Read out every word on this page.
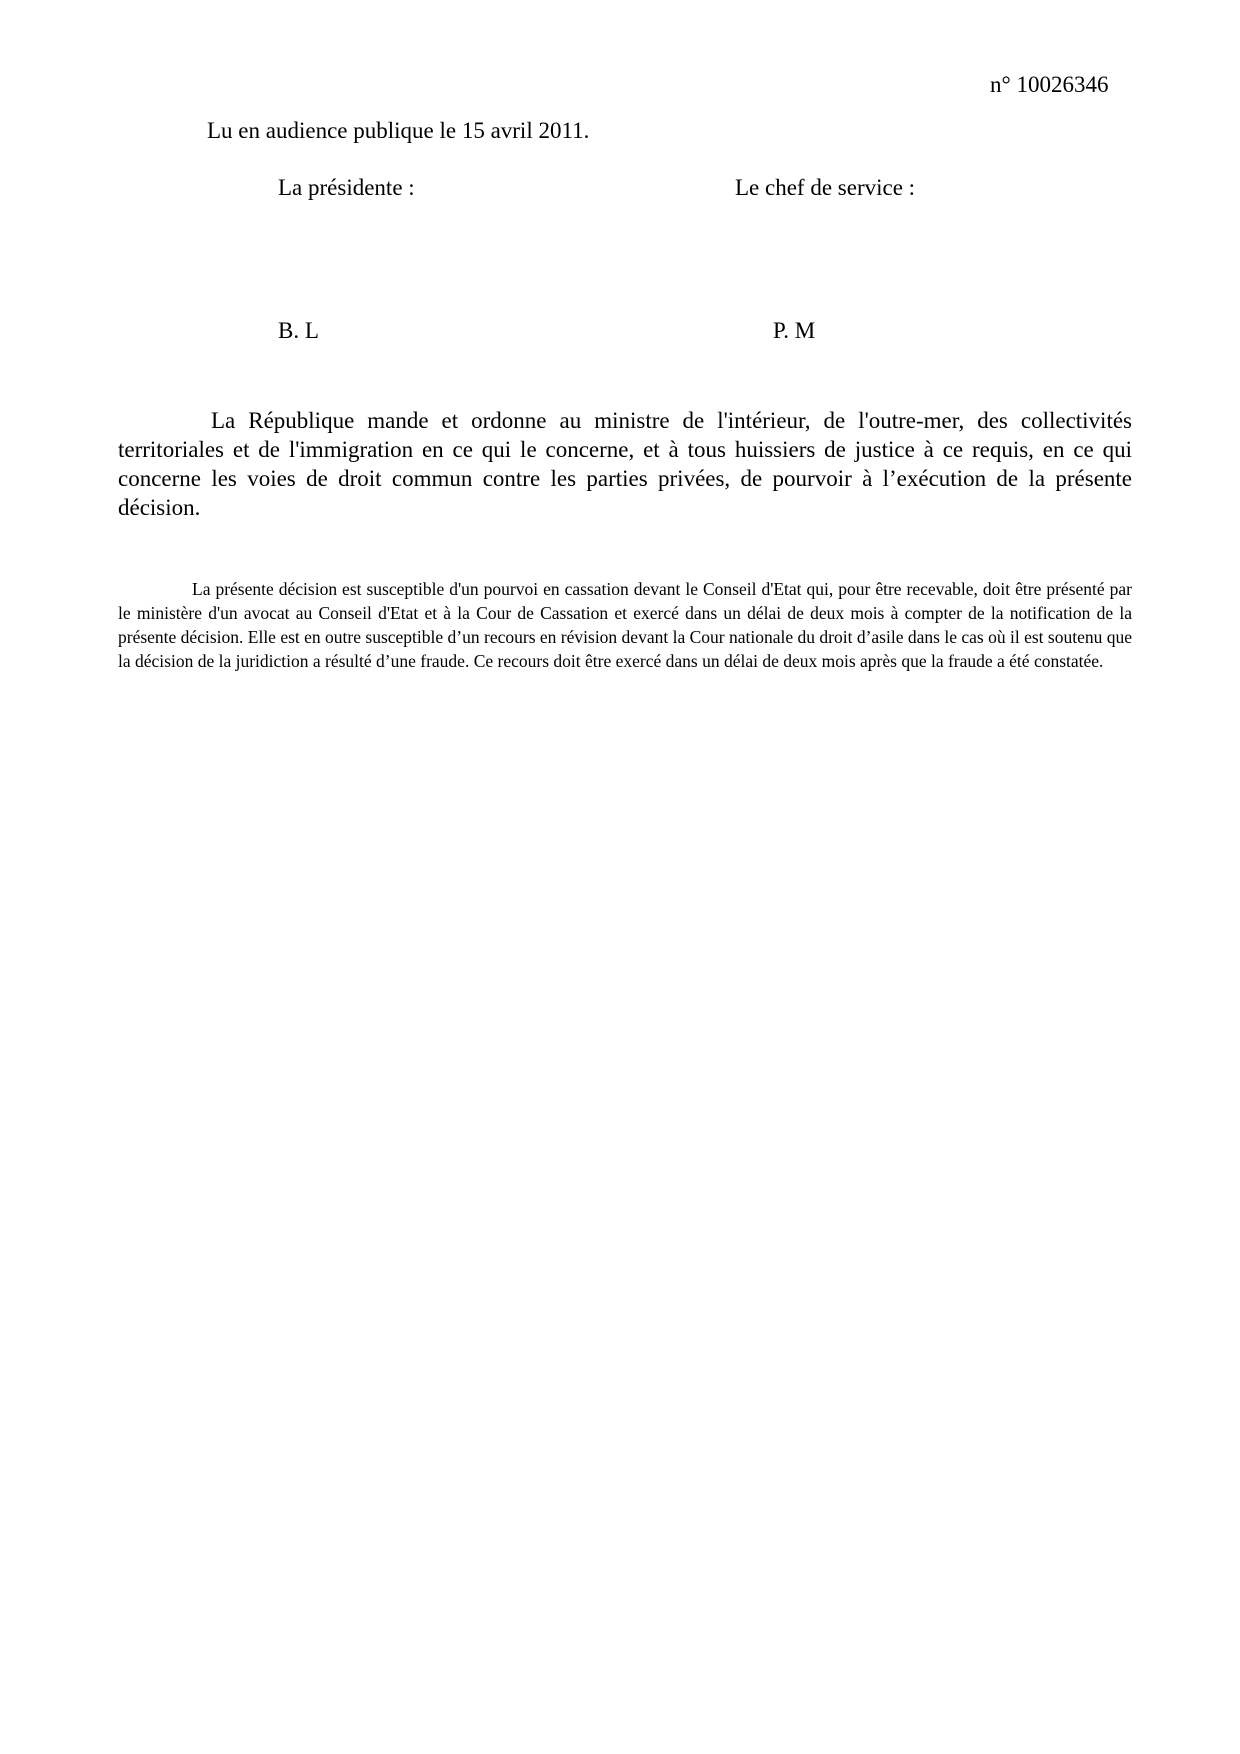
n° 10026346
Lu en audience publique le 15 avril 2011.
La présidente :	Le chef de service :
B. L	P. M

La République mande et ordonne au ministre de l'intérieur, de l'outre-mer, des collectivités territoriales et de l'immigration en ce qui le concerne, et à tous huissiers de justice à ce requis, en ce qui concerne les voies de droit commun contre les parties privées, de pourvoir à l’exécution de la présente décision.

La présente décision est susceptible d'un pourvoi en cassation devant le Conseil d'Etat qui, pour être recevable, doit être présenté par le ministère d'un avocat au Conseil d'Etat et à la Cour de Cassation et exercé dans un délai de deux mois à compter de la notification de la présente décision. Elle est en outre susceptible d’un recours en révision devant la Cour nationale du droit d’asile dans le cas où il est soutenu que la décision de la juridiction a résulté d’une fraude. Ce recours doit être exercé dans un délai de deux mois après que la fraude a été constatée.
